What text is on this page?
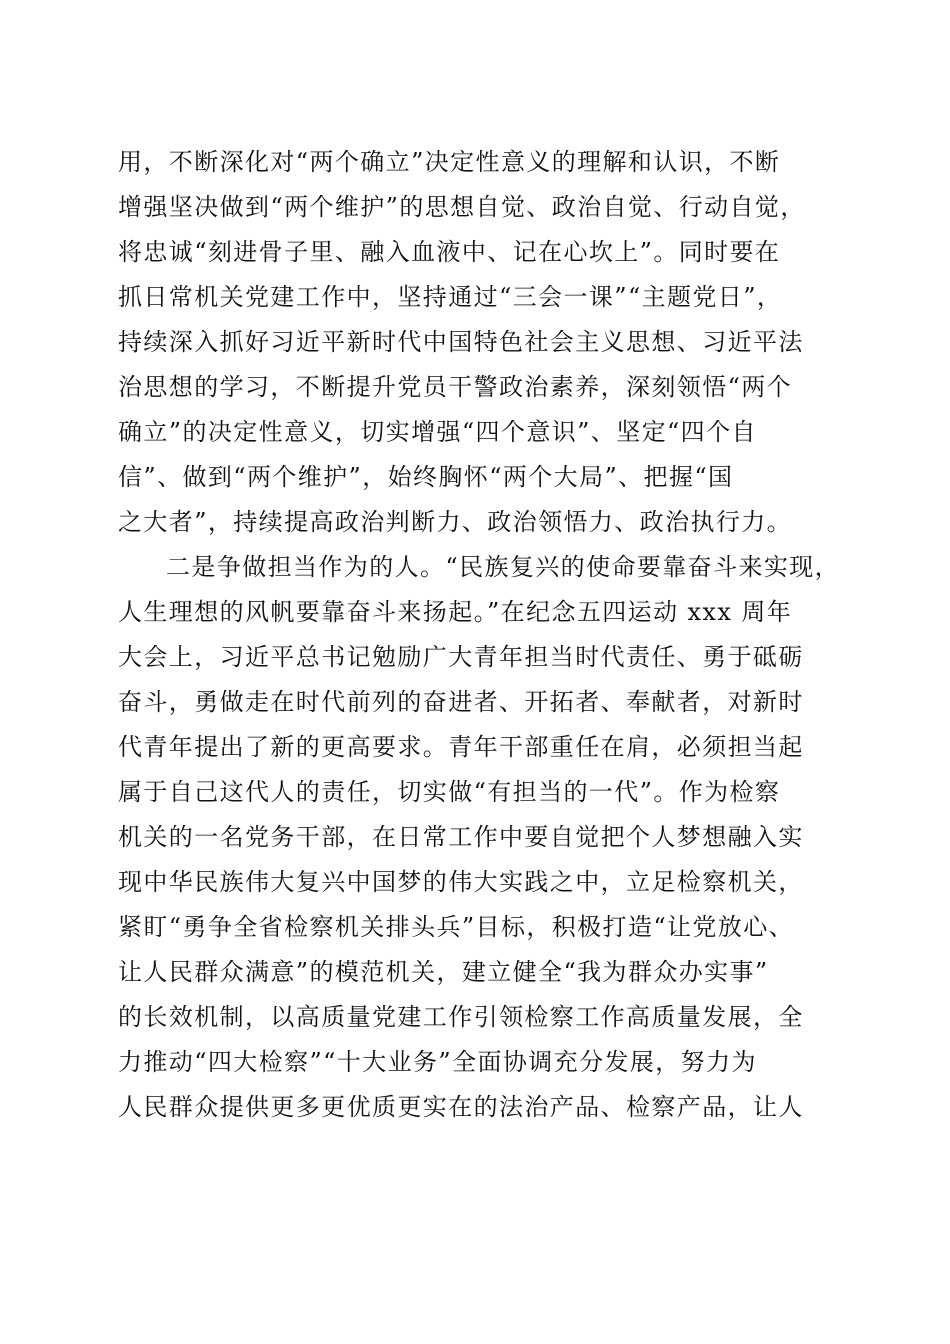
用，不断深化对“两个确立”决定性意义的理解和认识，不断
增强坚决做到“两个维护”的思想自觉、政治自觉、行动自觉，
将忠诚“刻进骨子里、融入血液中、记在心坎上”。同时要在
抓日常机关党建工作中，坚持通过“三会一课”“主题党日”，
持续深入抓好习近平新时代中国特色社会主义思想、习近平法
治思想的学习，不断提升党员干警政治素养，深刻领悟“两个
确立”的决定性意义，切实增强“四个意识”、坚定“四个自
信”、做到“两个维护”，始终胸怀“两个大局”、把握“国
之大者”，持续提高政治判断力、政治领悟力、政治执行力。
二是争做担当作为的人。“民族复兴的使命要靠奋斗来实现，
人生理想的风帆要靠奋斗来扬起。”在纪念五四运动 xxx 周年
大会上，习近平总书记勉励广大青年担当时代责任、勇于砥砺
奋斗，勇做走在时代前列的奋进者、开拓者、奉献者，对新时
代青年提出了新的更高要求。青年干部重任在肩，必须担当起
属于自己这代人的责任，切实做“有担当的一代”。作为检察
机关的一名党务干部，在日常工作中要自觉把个人梦想融入实
现中华民族伟大复兴中国梦的伟大实践之中，立足检察机关，
紧盯“勇争全省检察机关排头兵”目标，积极打造“让党放心、
让人民群众满意”的模范机关，建立健全“我为群众办实事”
的长效机制，以高质量党建工作引领检察工作高质量发展，全
力推动“四大检察”“十大业务”全面协调充分发展，努力为
人民群众提供更多更优质更实在的法治产品、检察产品，让人
